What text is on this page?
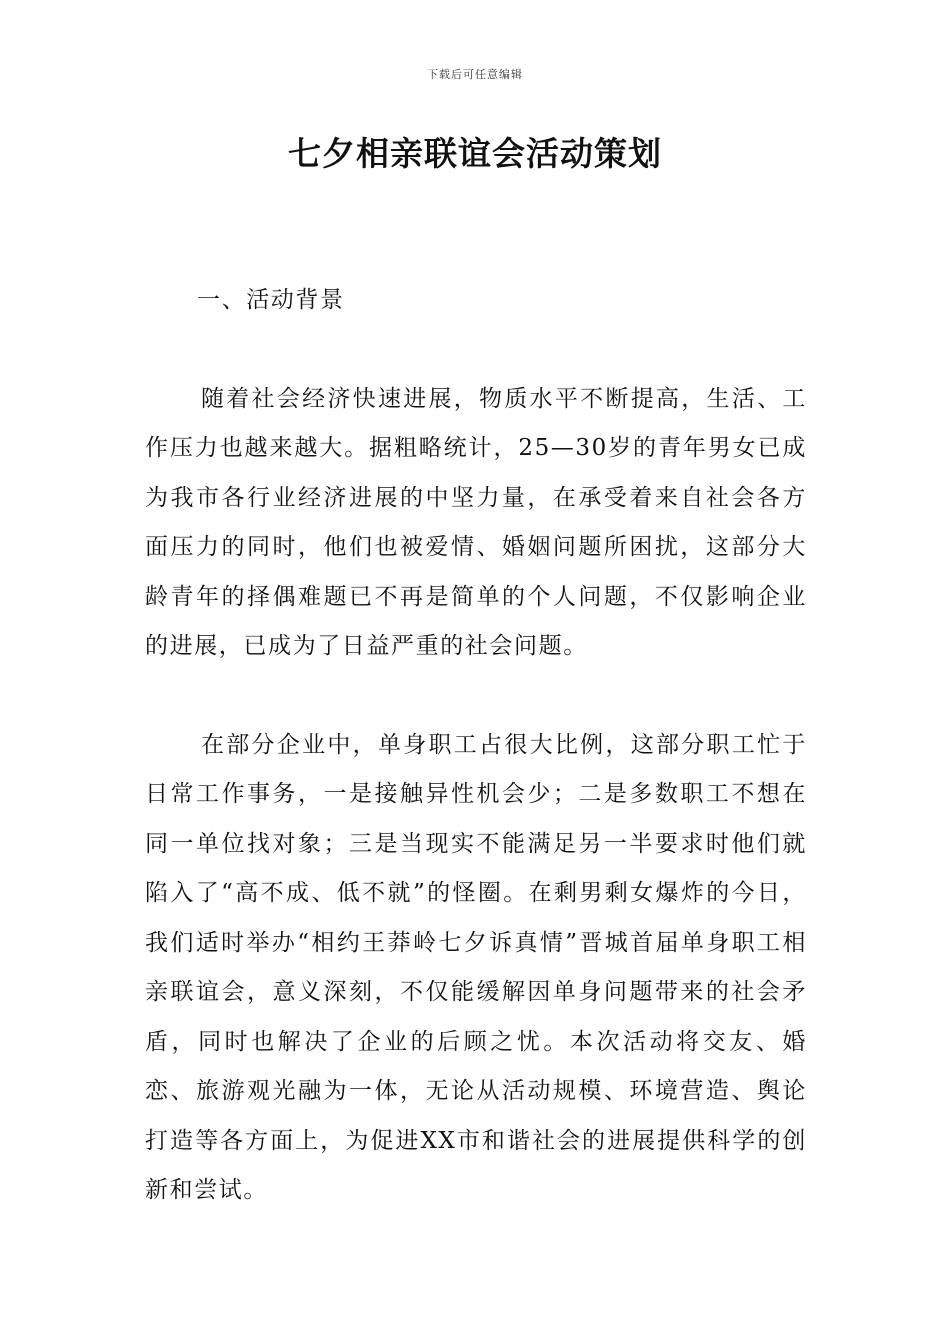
下载后可任意编辑
七夕相亲联谊会活动策划
一、活动背景

随着社会经济快速进展，物质水平不断提高，生活、工作压力也越来越大。据粗略统计，25—30岁的青年男女已成为我市各行业经济进展的中坚力量，在承受着来自社会各方面压力的同时，他们也被爱情、婚姻问题所困扰，这部分大龄青年的择偶难题已不再是简单的个人问题，不仅影响企业的进展，已成为了日益严重的社会问题。

在部分企业中，单身职工占很大比例，这部分职工忙于日常工作事务，一是接触异性机会少；二是多数职工不想在同一单位找对象；三是当现实不能满足另一半要求时他们就陷入了“高不成、低不就”的怪圈。在剩男剩女爆炸的今日，我们适时举办“相约王莽岭七夕诉真情”晋城首届单身职工相亲联谊会，意义深刻，不仅能缓解因单身问题带来的社会矛盾，同时也解决了企业的后顾之忧。本次活动将交友、婚恋、旅游观光融为一体，无论从活动规模、环境营造、舆论打造等各方面上，为促进XX市和谐社会的进展提供科学的创新和尝试。
